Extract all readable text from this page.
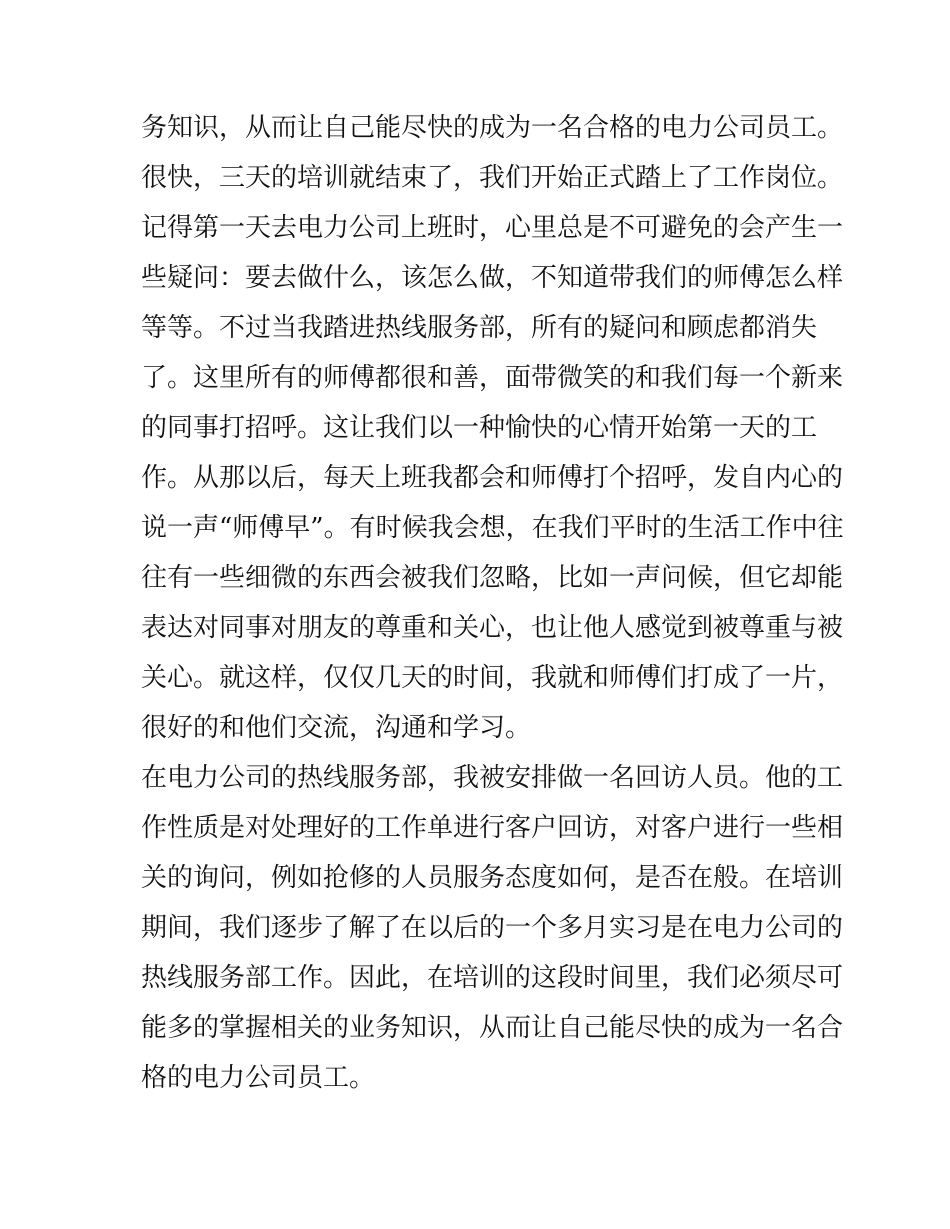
务知识，从而让自己能尽快的成为一名合格的电力公司员工。
很快，三天的培训就结束了，我们开始正式踏上了工作岗位。
记得第一天去电力公司上班时，心里总是不可避免的会产生一
些疑问：要去做什么，该怎么做，不知道带我们的师傅怎么样
等等。不过当我踏进热线服务部，所有的疑问和顾虑都消失
了。这里所有的师傅都很和善，面带微笑的和我们每一个新来
的同事打招呼。这让我们以一种愉快的心情开始第一天的工
作。从那以后，每天上班我都会和师傅打个招呼，发自内心的
说一声“师傅早”。有时候我会想，在我们平时的生活工作中往
往有一些细微的东西会被我们忽略，比如一声问候，但它却能
表达对同事对朋友的尊重和关心，也让他人感觉到被尊重与被
关心。就这样，仅仅几天的时间，我就和师傅们打成了一片，
很好的和他们交流，沟通和学习。
在电力公司的热线服务部，我被安排做一名回访人员。他的工
作性质是对处理好的工作单进行客户回访，对客户进行一些相
关的询问，例如抢修的人员服务态度如何，是否在般。在培训
期间，我们逐步了解了在以后的一个多月实习是在电力公司的
热线服务部工作。因此，在培训的这段时间里，我们必须尽可
能多的掌握相关的业务知识，从而让自己能尽快的成为一名合
格的电力公司员工。
